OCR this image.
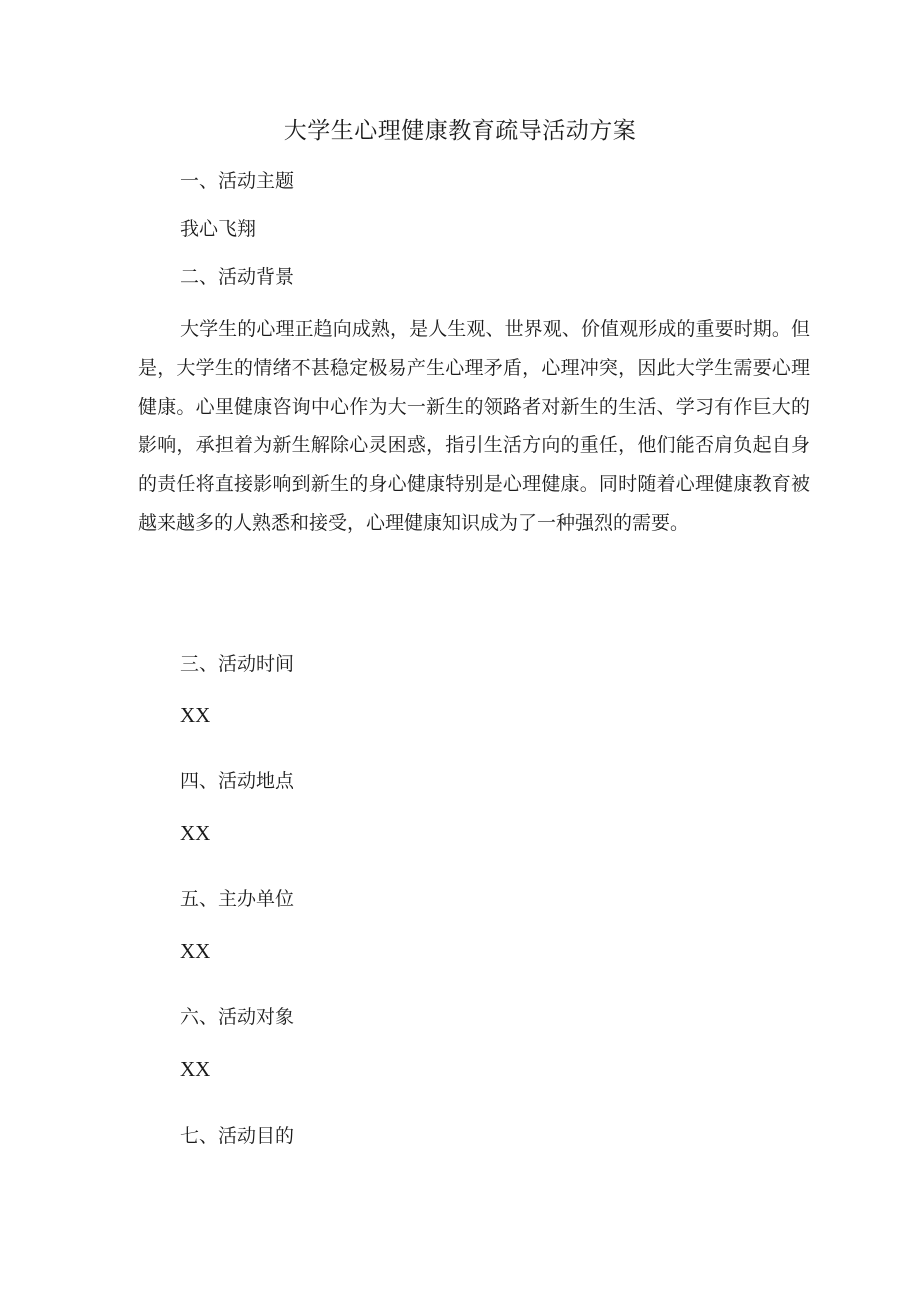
大学生心理健康教育疏导活动方案
一、活动主题
我心飞翔
二、活动背景

大学生的心理正趋向成熟，是人生观、世界观、价值观形成的重要时期。但是，大学生的情绪不甚稳定极易产生心理矛盾，心理冲突，因此大学生需要心理健康。心里健康咨询中心作为大一新生的领路者对新生的生活、学习有作巨大的影响，承担着为新生解除心灵困惑，指引生活方向的重任，他们能否肩负起自身的责任将直接影响到新生的身心健康特别是心理健康。同时随着心理健康教育被越来越多的人熟悉和接受，心理健康知识成为了一种强烈的需要。

三、活动时间
XX
四、活动地点
XX
五、主办单位
XX
六、活动对象
XX
七、活动目的
